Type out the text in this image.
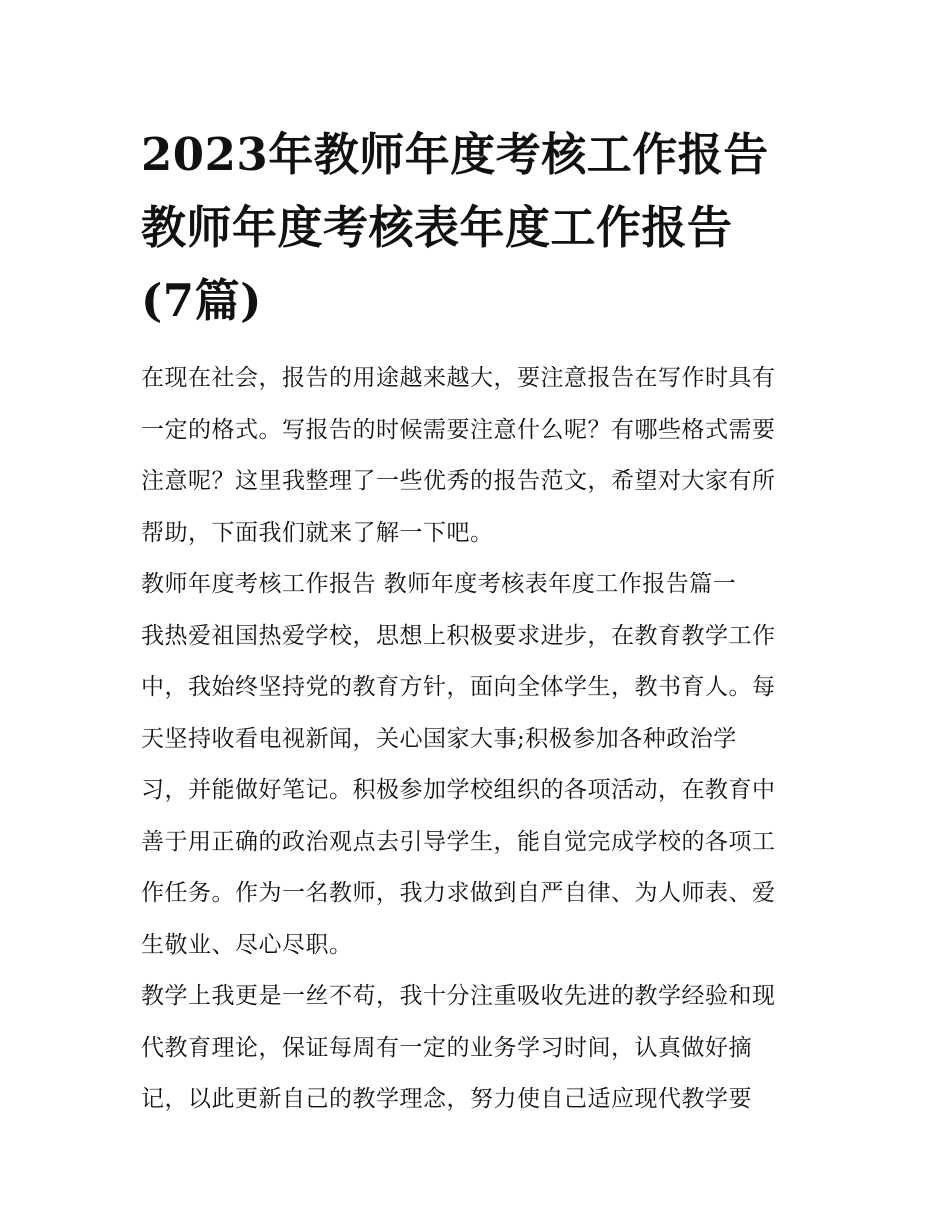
2023年教师年度考核工作报告
教师年度考核表年度工作报告
(7篇)

在现在社会，报告的用途越来越大，要注意报告在写作时具有
一定的格式。写报告的时候需要注意什么呢？有哪些格式需要
注意呢？这里我整理了一些优秀的报告范文，希望对大家有所
帮助，下面我们就来了解一下吧。

教师年度考核工作报告 教师年度考核表年度工作报告篇一

我热爱祖国热爱学校，思想上积极要求进步，在教育教学工作
中，我始终坚持党的教育方针，面向全体学生，教书育人。每
天坚持收看电视新闻，关心国家大事;积极参加各种政治学
习，并能做好笔记。积极参加学校组织的各项活动，在教育中
善于用正确的政治观点去引导学生，能自觉完成学校的各项工
作任务。作为一名教师，我力求做到自严自律、为人师表、爱
生敬业、尽心尽职。

教学上我更是一丝不苟，我十分注重吸收先进的教学经验和现
代教育理论，保证每周有一定的业务学习时间，认真做好摘
记，以此更新自己的教学理念，努力使自己适应现代教学要
